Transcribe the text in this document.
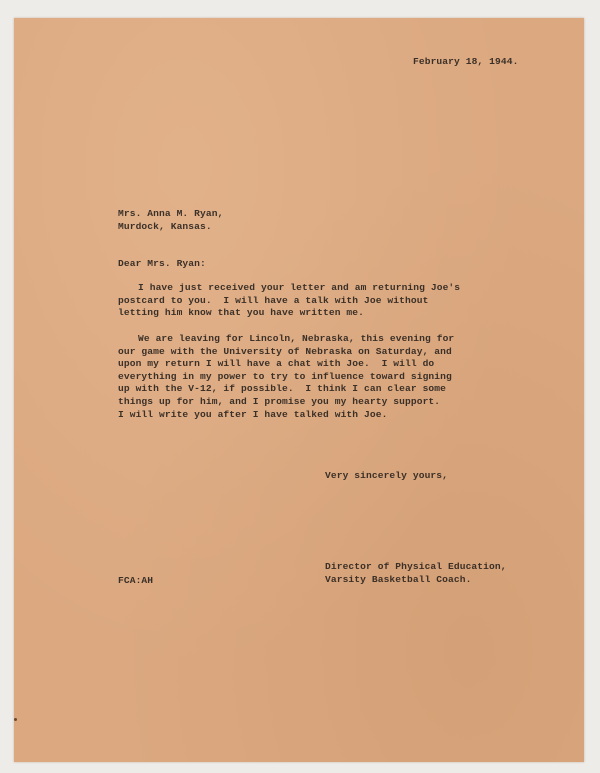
February 18, 1944.
Mrs. Anna M. Ryan,
Murdock, Kansas.
Dear Mrs. Ryan:
I have just received your letter and am returning Joe's
postcard to you.  I will have a talk with Joe without
letting him know that you have written me.
We are leaving for Lincoln, Nebraska, this evening for
our game with the University of Nebraska on Saturday, and
upon my return I will have a chat with Joe.  I will do
everything in my power to try to influence toward signing
up with the V-12, if possible.  I think I can clear some
things up for him, and I promise you my hearty support.
I will write you after I have talked with Joe.
Very sincerely yours,
Director of Physical Education,
Varsity Basketball Coach.
FCA:AH
